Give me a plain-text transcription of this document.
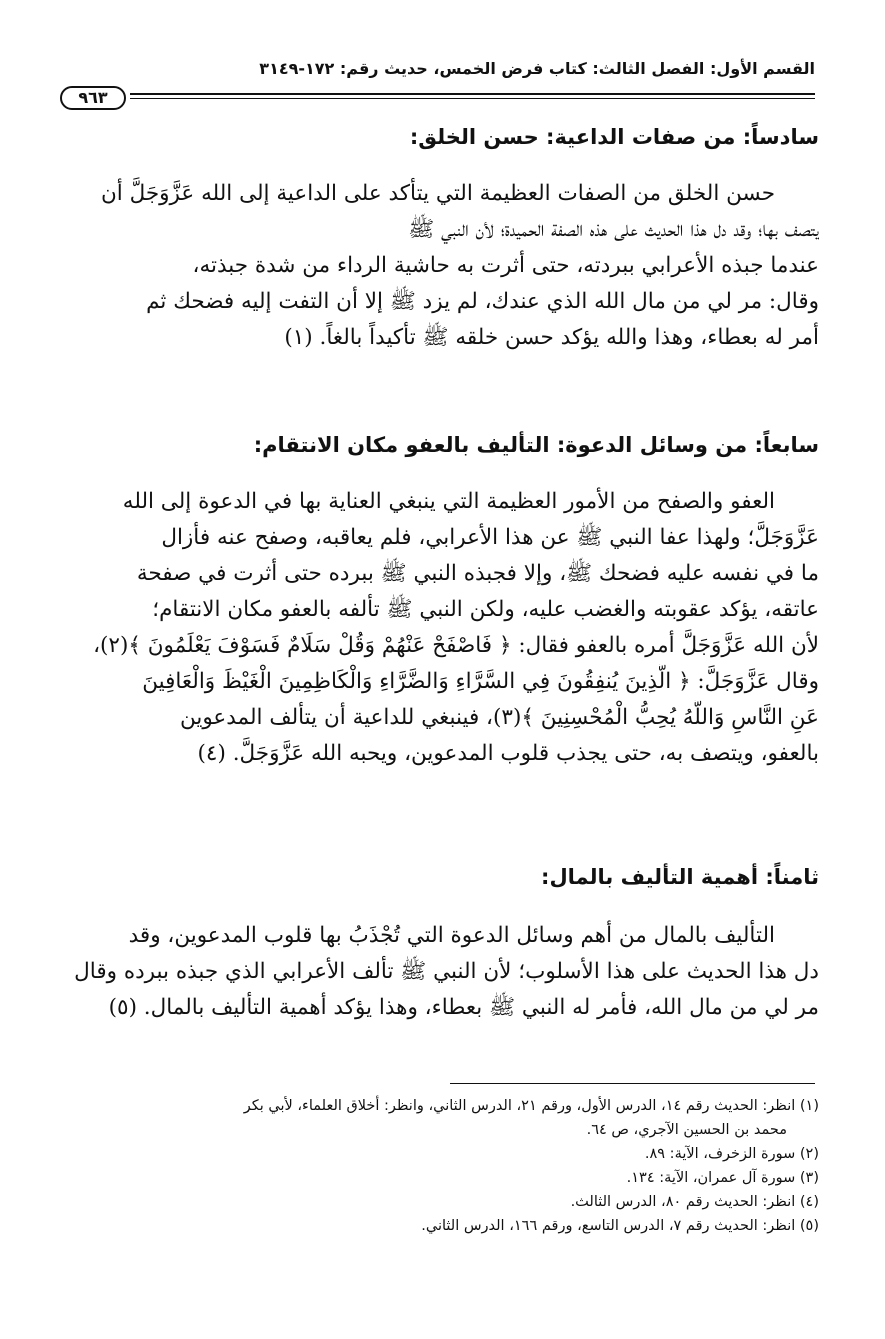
القسم الأول: الفصل الثالث: كتاب فرض الخمس، حديث رقم: ١٧٢-٣١٤٩
٩٦٣
سادساً: من صفات الداعية: حسن الخلق:
حسن الخلق من الصفات العظيمة التي يتأكد على الداعية إلى الله عَزَّوَجَلَّ أن
يتصف بها؛ وقد دل هذا الحديث على هذه الصفة الحميدة؛ لأن النبي ﷺ
عندما جبذه الأعرابي ببردته، حتى أثرت به حاشية الرداء من شدة جبذته،
وقال: مر لي من مال الله الذي عندك، لم يزد ﷺ إلا أن التفت إليه فضحك ثم
أمر له بعطاء، وهذا والله يؤكد حسن خلقه ﷺ تأكيداً بالغاً. (١)
سابعاً: من وسائل الدعوة: التأليف بالعفو مكان الانتقام:
العفو والصفح من الأمور العظيمة التي ينبغي العناية بها في الدعوة إلى الله
عَزَّوَجَلَّ؛ ولهذا عفا النبي ﷺ عن هذا الأعرابي، فلم يعاقبه، وصفح عنه فأزال
ما في نفسه عليه فضحك ﷺ، وإلا فجبذه النبي ﷺ ببرده حتى أثرت في صفحة
عاتقه، يؤكد عقوبته والغضب عليه، ولكن النبي ﷺ تألفه بالعفو مكان الانتقام؛
لأن الله عَزَّوَجَلَّ أمره بالعفو فقال: ﴿ فَاصْفَحْ عَنْهُمْ وَقُلْ سَلَامٌ فَسَوْفَ يَعْلَمُونَ ﴾(٢)،
وقال عَزَّوَجَلَّ: ﴿ الَّذِينَ يُنفِقُونَ فِي السَّرَّاءِ وَالضَّرَّاءِ وَالْكَاظِمِينَ الْغَيْظَ وَالْعَافِينَ
عَنِ النَّاسِ وَاللَّهُ يُحِبُّ الْمُحْسِنِينَ ﴾(٣)، فينبغي للداعية أن يتألف المدعوين
بالعفو، ويتصف به، حتى يجذب قلوب المدعوين، ويحبه الله عَزَّوَجَلَّ. (٤)
ثامناً: أهمية التأليف بالمال:
التأليف بالمال من أهم وسائل الدعوة التي تُجْذَبُ بها قلوب المدعوين، وقد
دل هذا الحديث على هذا الأسلوب؛ لأن النبي ﷺ تألف الأعرابي الذي جبذه ببرده وقال
مر لي من مال الله، فأمر له النبي ﷺ بعطاء، وهذا يؤكد أهمية التأليف بالمال. (٥)
(١) انظر: الحديث رقم ١٤، الدرس الأول، ورقم ٢١، الدرس الثاني، وانظر: أخلاق العلماء، لأبي بكر
محمد بن الحسين الآجري، ص ٦٤.
(٢) سورة الزخرف، الآية: ٨٩.
(٣) سورة آل عمران، الآية: ١٣٤.
(٤) انظر: الحديث رقم ٨٠، الدرس الثالث.
(٥) انظر: الحديث رقم ٧، الدرس التاسع، ورقم ١٦٦، الدرس الثاني.
